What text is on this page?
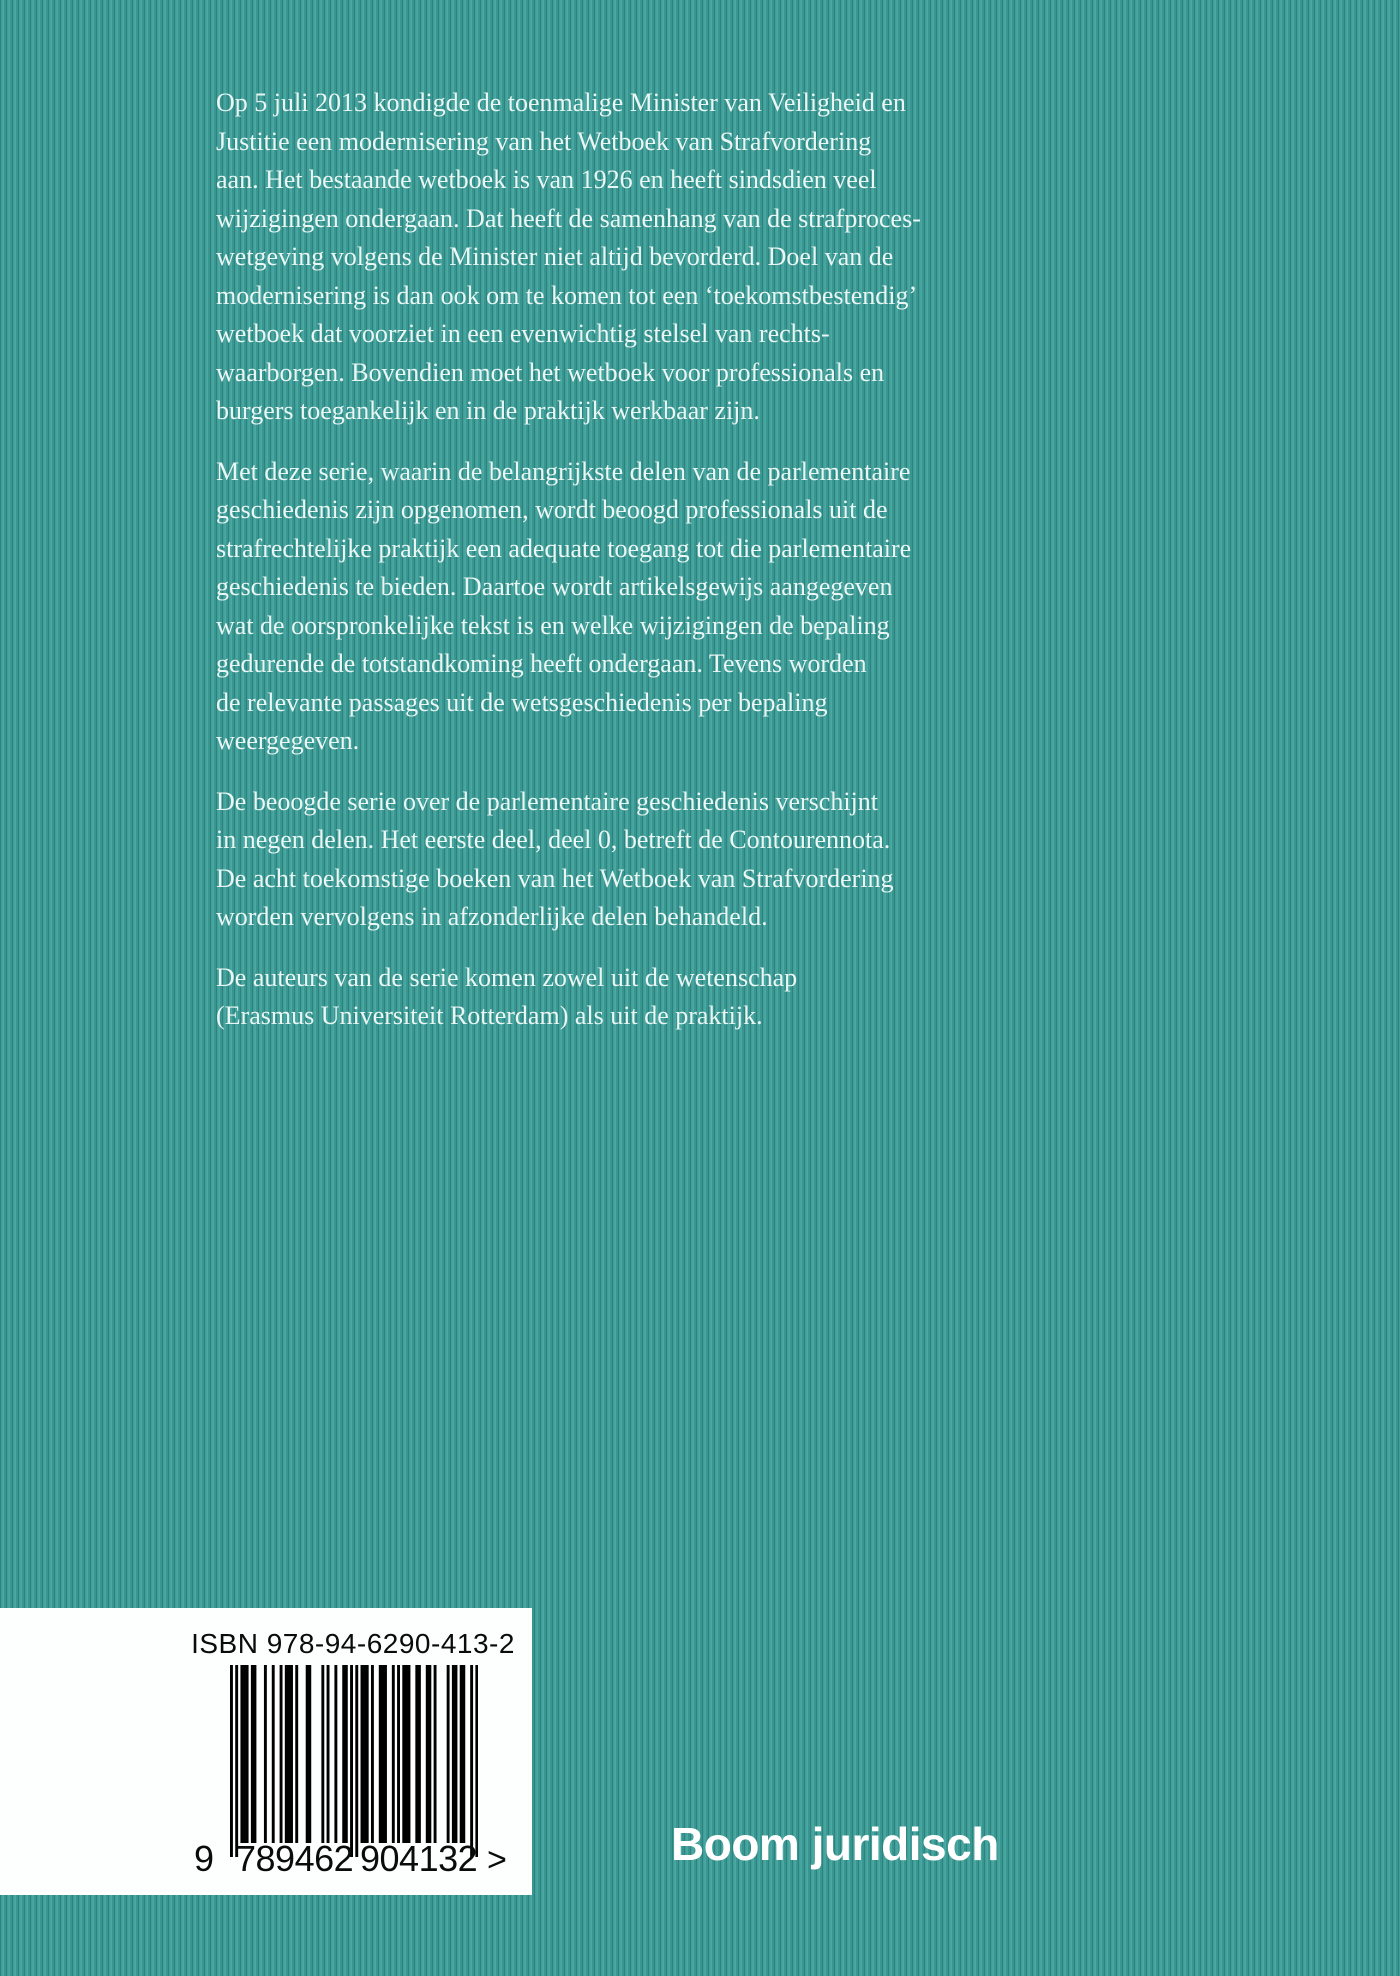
Op 5 juli 2013 kondigde de toenmalige Minister van Veiligheid en
Justitie een modernisering van het Wetboek van Strafvordering
aan. Het bestaande wetboek is van 1926 en heeft sindsdien veel
wijzigingen ondergaan. Dat heeft de samenhang van de strafproces-
wetgeving volgens de Minister niet altijd bevorderd. Doel van de
modernisering is dan ook om te komen tot een ‘toekomstbestendig’
wetboek dat voorziet in een evenwichtig stelsel van rechts-
waarborgen. Bovendien moet het wetboek voor professionals en
burgers toegankelijk en in de praktijk werkbaar zijn.
Met deze serie, waarin de belangrijkste delen van de parlementaire
geschiedenis zijn opgenomen, wordt beoogd professionals uit de
strafrechtelijke praktijk een adequate toegang tot die parlementaire
geschiedenis te bieden. Daartoe wordt artikelsgewijs aangegeven
wat de oorspronkelijke tekst is en welke wijzigingen de bepaling
gedurende de totstandkoming heeft ondergaan. Tevens worden
de relevante passages uit de wetsgeschiedenis per bepaling
weergegeven.
De beoogde serie over de parlementaire geschiedenis verschijnt
in negen delen. Het eerste deel, deel 0, betreft de Contourennota.
De acht toekomstige boeken van het Wetboek van Strafvordering
worden vervolgens in afzonderlijke delen behandeld.
De auteurs van de serie komen zowel uit de wetenschap
(Erasmus Universiteit Rotterdam) als uit de praktijk.
ISBN 978-94-6290-413-2
9 789462 904132 >	Boom juridisch
